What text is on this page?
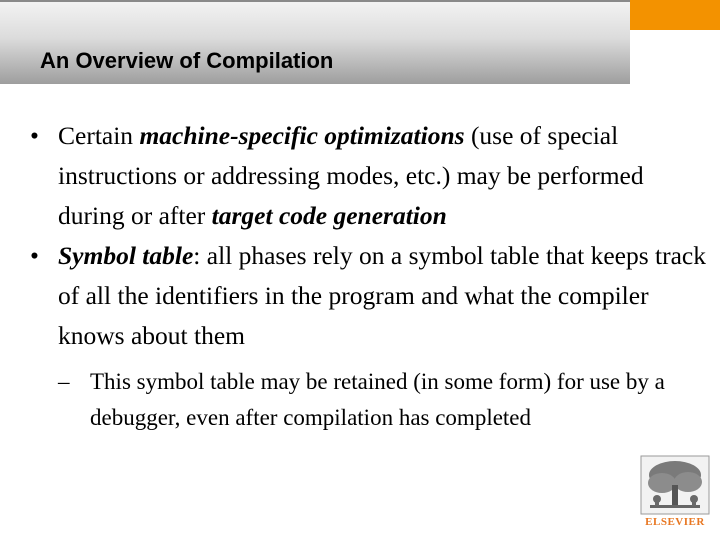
An Overview of Compilation
• Certain machine-specific optimizations (use of special instructions or addressing modes, etc.) may be performed during or after target code generation
• Symbol table: all phases rely on a symbol table that keeps track of all the identifiers in the program and what the compiler knows about them
– This symbol table may be retained (in some form) for use by a debugger, even after compilation has completed
ELSEVIER
